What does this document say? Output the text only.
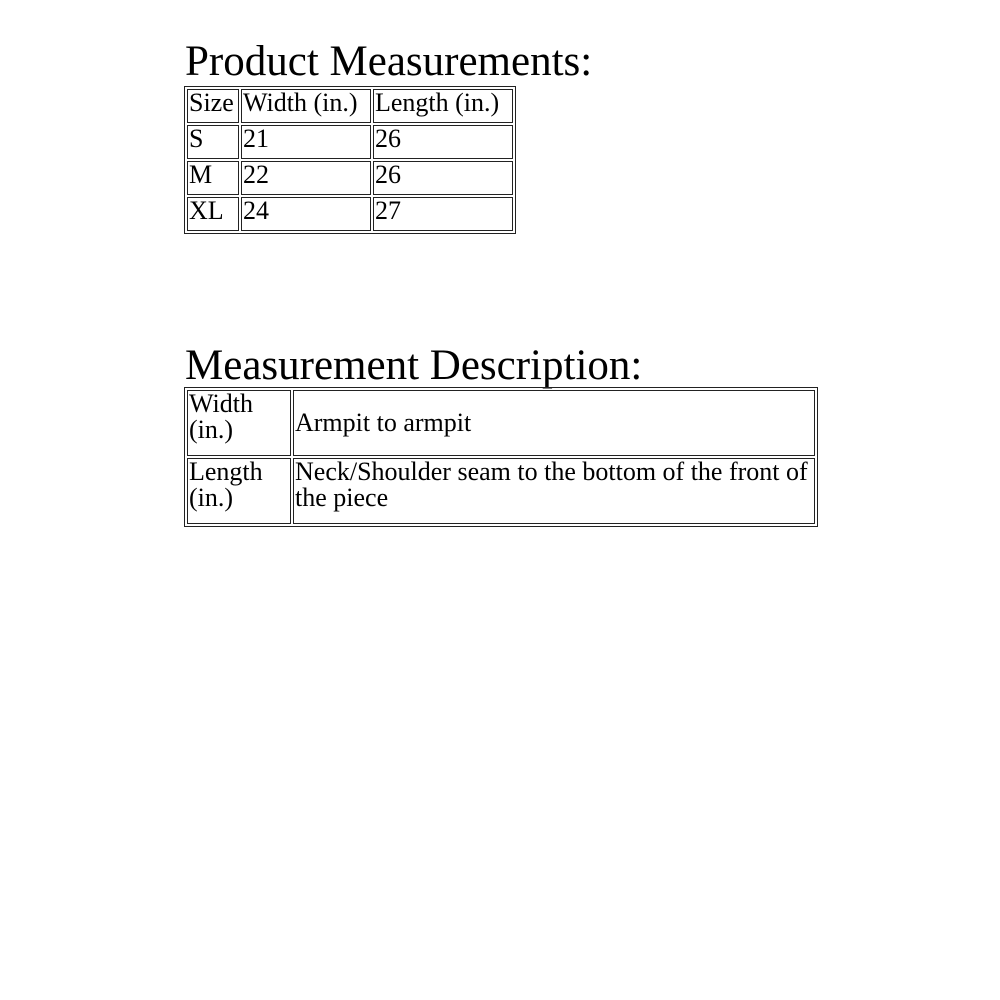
Product Measurements:
Size	Width (in.)	Length (in.)
S	21	26
M	22	26
XL	24	27
Measurement Description:
Width (in.)	Armpit to armpit
Length (in.)	Neck/Shoulder seam to the bottom of the front of the piece
